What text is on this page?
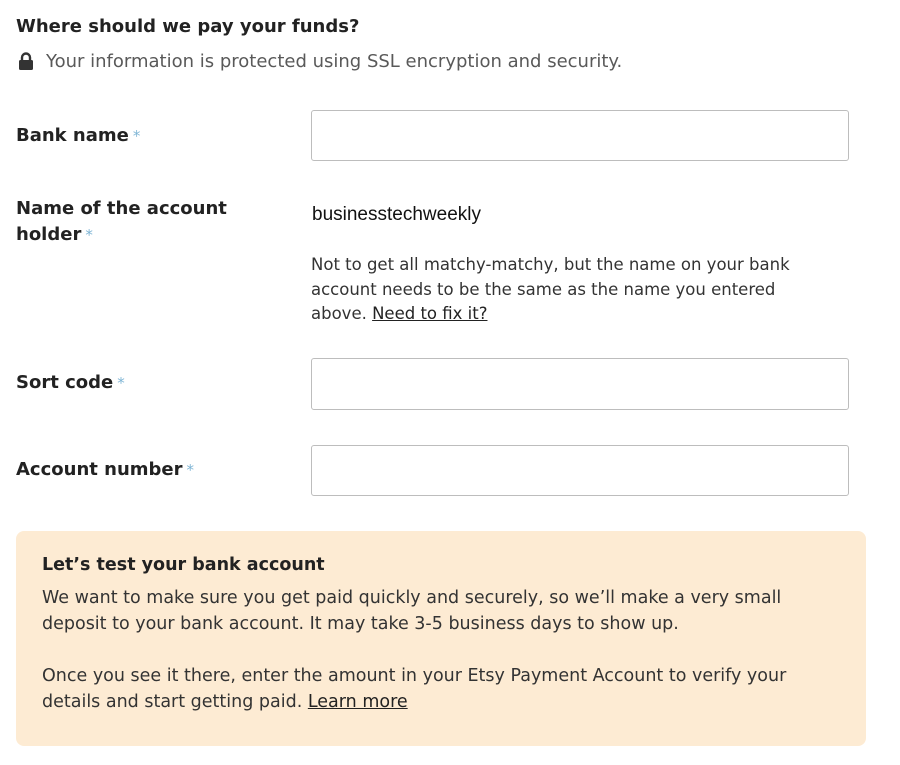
Where should we pay your funds?
Your information is protected using SSL encryption and security.
Bank name *
Name of the account
holder *
businesstechweekly
Not to get all matchy-matchy, but the name on your bank account needs to be the same as the name you entered above. Need to fix it?
Sort code *
Account number *
Let’s test your bank account
We want to make sure you get paid quickly and securely, so we’ll make a very small deposit to your bank account. It may take 3-5 business days to show up.
Once you see it there, enter the amount in your Etsy Payment Account to verify your details and start getting paid. Learn more
